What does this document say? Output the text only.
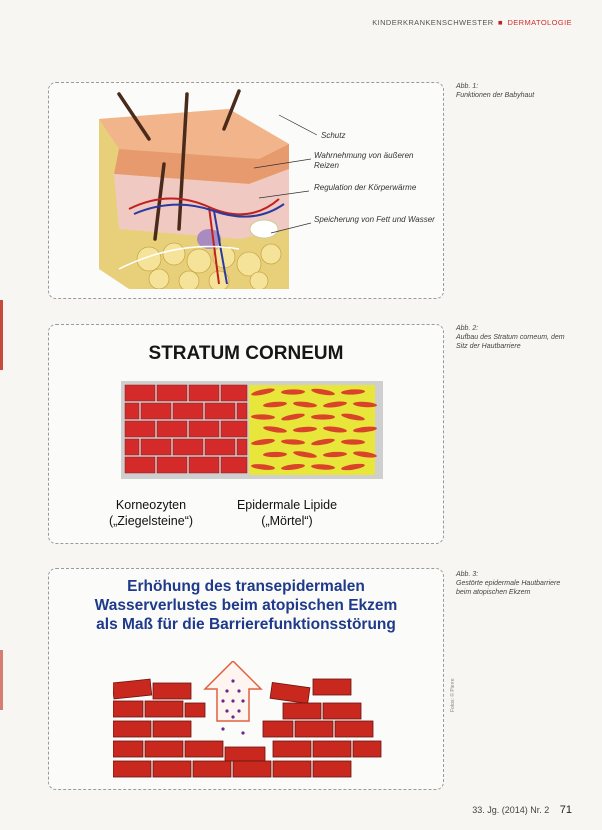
KINDERKRANKENSCHWESTER ■ DERMATOLOGIE
Schutz
Wahrnehmung von äußeren Reizen
Regulation der Körperwärme
Speicherung von Fett und Wasser
Abb. 1:
Funktionen der Babyhaut
STRATUM CORNEUM
Korneozyten („Ziegelsteine“)
Epidermale Lipide („Mörtel“)
Abb. 2:
Aufbau des Stratum corneum, dem Sitz der Hautbarriere
Erhöhung des transepidermalen Wasserverlustes beim atopischen Ekzem als Maß für die Barrierefunktionsstörung
Abb. 3:
Gestörte epidermale Hautbarriere beim atopischen Ekzem
Fotos: © Pierre
33. Jg. (2014) Nr. 2 71
